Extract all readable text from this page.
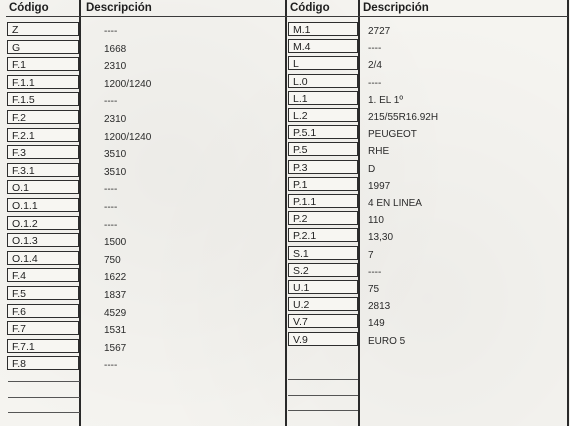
Código	Descripción	Código	Descripción
Z	----
G	1668
F.1	2310
F.1.1	1200/1240
F.1.5	----
F.2	2310
F.2.1	1200/1240
F.3	3510
F.3.1	3510
O.1	----
O.1.1	----
O.1.2	----
O.1.3	1500
O.1.4	750
F.4	1622
F.5	1837
F.6	4529
F.7	1531
F.7.1	1567
F.8	----
M.1	2727
M.4	----
L	2/4
L.0	----
L.1	1. EL 1º
L.2	215/55R16.92H
P.5.1	PEUGEOT
P.5	RHE
P.3	D
P.1	1997
P.1.1	4 EN LINEA
P.2	110
P.2.1	13,30
S.1	7
S.2	----
U.1	75
U.2	2813
V.7	149
V.9	EURO 5
